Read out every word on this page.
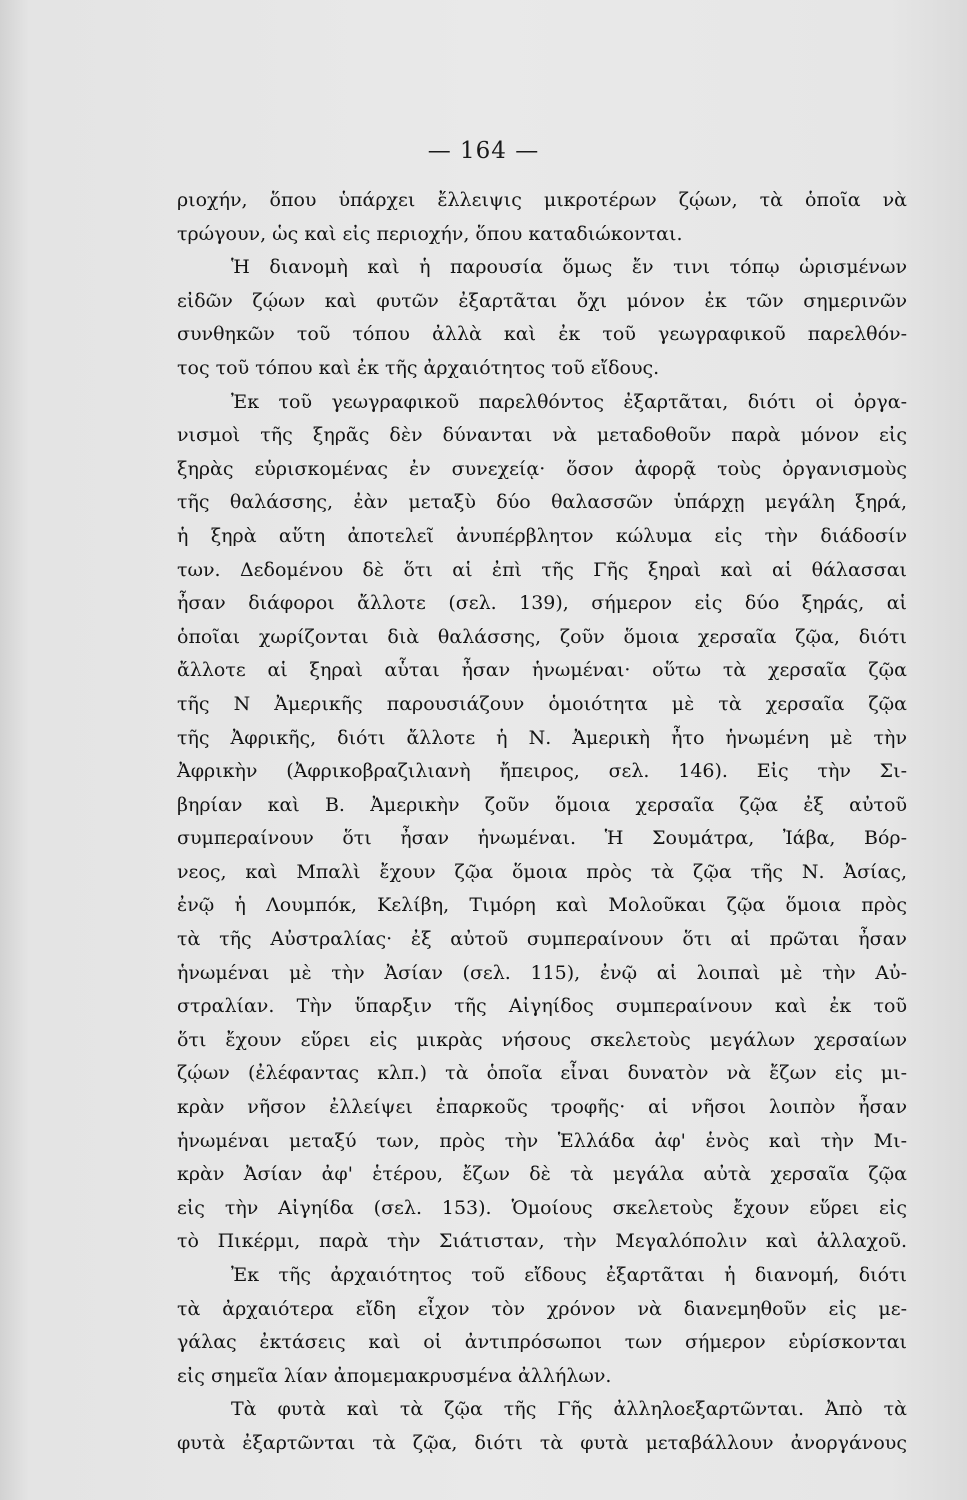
— 164 —
ριοχήν, ὅπου ὑπάρχει ἔλλειψις μικροτέρων ζῴων, τὰ ὁποῖα νὰ
τρώγουν, ὡς καὶ εἰς περιοχήν, ὅπου καταδιώκονται.
Ἡ διανομὴ καὶ ἡ παρουσία ὅμως ἔν τινι τόπῳ ὡρισμένων
εἰδῶν ζῴων καὶ φυτῶν ἐξαρτᾶται ὄχι μόνον ἐκ τῶν σημερινῶν
συνθηκῶν τοῦ τόπου ἀλλὰ καὶ ἐκ τοῦ γεωγραφικοῦ παρελθόν-
τος τοῦ τόπου καὶ ἐκ τῆς ἀρχαιότητος τοῦ εἴδους.
Ἐκ τοῦ γεωγραφικοῦ παρελθόντος ἐξαρτᾶται, διότι οἱ ὀργα-
νισμοὶ τῆς ξηρᾶς δὲν δύνανται νὰ μεταδοθοῦν παρὰ μόνον εἰς
ξηρὰς εὑρισκομένας ἐν συνεχείᾳ· ὅσον ἀφορᾷ τοὺς ὀργανισμοὺς
τῆς θαλάσσης, ἐὰν μεταξὺ δύο θαλασσῶν ὑπάρχῃ μεγάλη ξηρά,
ἡ ξηρὰ αὕτη ἀποτελεῖ ἀνυπέρβλητον κώλυμα εἰς τὴν διάδοσίν
των. Δεδομένου δὲ ὅτι αἱ ἐπὶ τῆς Γῆς ξηραὶ καὶ αἱ θάλασσαι
ἦσαν διάφοροι ἄλλοτε (σελ. 139), σήμερον εἰς δύο ξηράς, αἱ
ὁποῖαι χωρίζονται διὰ θαλάσσης, ζοῦν ὅμοια χερσαῖα ζῷα, διότι
ἄλλοτε αἱ ξηραὶ αὗται ἦσαν ἡνωμέναι· οὕτω τὰ χερσαῖα ζῷα
τῆς Ν Ἀμερικῆς παρουσιάζουν ὁμοιότητα μὲ τὰ χερσαῖα ζῷα
τῆς Ἀφρικῆς, διότι ἄλλοτε ἡ Ν. Ἀμερικὴ ἦτο ἡνωμένη μὲ τὴν
Ἀφρικὴν (Ἀφρικοβραζιλιανὴ ἤπειρος, σελ. 146). Εἰς τὴν Σι-
βηρίαν καὶ Β. Ἀμερικὴν ζοῦν ὅμοια χερσαῖα ζῷα ἐξ αὐτοῦ
συμπεραίνουν ὅτι ἦσαν ἡνωμέναι. Ἡ Σουμάτρα, Ἰάβα, Βόρ-
νεος, καὶ Μπαλὶ ἔχουν ζῷα ὅμοια πρὸς τὰ ζῷα τῆς Ν. Ἀσίας,
ἐνῷ ἡ Λουμπόκ, Κελίβη, Τιμόρη καὶ Μολοῦκαι ζῷα ὅμοια πρὸς
τὰ τῆς Αὐστραλίας· ἐξ αὐτοῦ συμπεραίνουν ὅτι αἱ πρῶται ἦσαν
ἡνωμέναι μὲ τὴν Ἀσίαν (σελ. 115), ἐνῷ αἱ λοιπαὶ μὲ τὴν Αὐ-
στραλίαν. Τὴν ὕπαρξιν τῆς Αἰγηίδος συμπεραίνουν καὶ ἐκ τοῦ
ὅτι ἔχουν εὕρει εἰς μικρὰς νήσους σκελετοὺς μεγάλων χερσαίων
ζῴων (ἐλέφαντας κλπ.) τὰ ὁποῖα εἶναι δυνατὸν νὰ ἔζων εἰς μι-
κρὰν νῆσον ἐλλείψει ἐπαρκοῦς τροφῆς· αἱ νῆσοι λοιπὸν ἦσαν
ἡνωμέναι μεταξύ των, πρὸς τὴν Ἑλλάδα ἀφ' ἑνὸς καὶ τὴν Μι-
κρὰν Ἀσίαν ἀφ' ἑτέρου, ἔζων δὲ τὰ μεγάλα αὐτὰ χερσαῖα ζῷα
εἰς τὴν Αἰγηίδα (σελ. 153). Ὁμοίους σκελετοὺς ἔχουν εὕρει εἰς
τὸ Πικέρμι, παρὰ τὴν Σιάτισταν, τὴν Μεγαλόπολιν καὶ ἀλλαχοῦ.
Ἐκ τῆς ἀρχαιότητος τοῦ εἴδους ἐξαρτᾶται ἡ διανομή, διότι
τὰ ἀρχαιότερα εἴδη εἶχον τὸν χρόνον νὰ διανεμηθοῦν εἰς με-
γάλας ἐκτάσεις καὶ οἱ ἀντιπρόσωποι των σήμερον εὑρίσκονται
εἰς σημεῖα λίαν ἀπομεμακρυσμένα ἀλλήλων.
Τὰ φυτὰ καὶ τὰ ζῷα τῆς Γῆς ἀλληλοεξαρτῶνται. Ἀπὸ τὰ
φυτὰ ἐξαρτῶνται τὰ ζῷα, διότι τὰ φυτὰ μεταβάλλουν ἀνοργάνους
